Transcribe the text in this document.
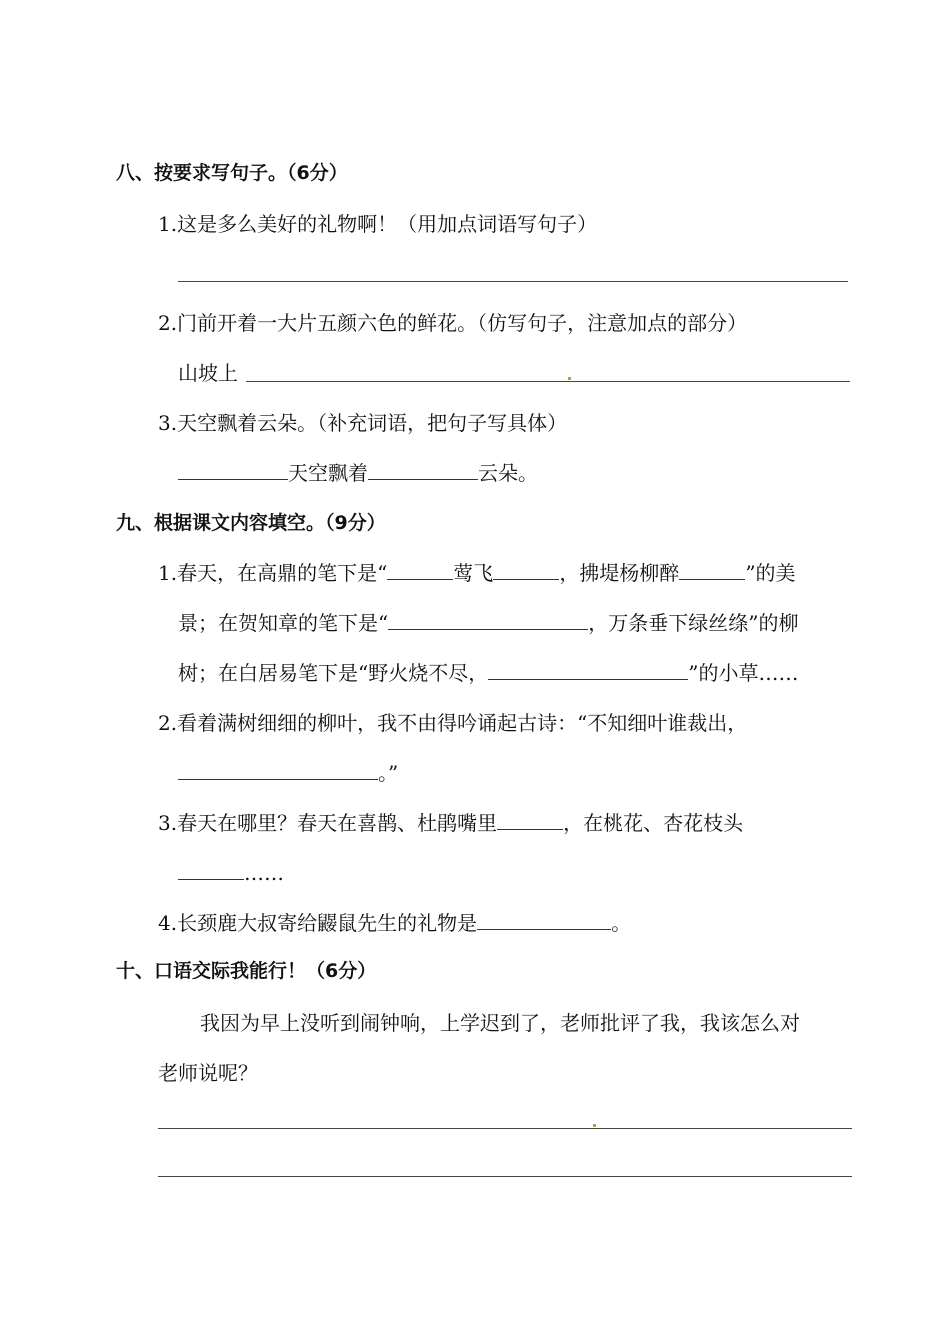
八、按要求写句子。（6分）
1.这是多么美好的礼物啊！（用加点词语写句子）
2.门前开着一大片五颜六色的鲜花。（仿写句子，注意加点的部分）
山坡上
3.天空飘着云朵。（补充词语，把句子写具体）
天空飘着	云朵。
九、根据课文内容填空。（9分）
1.春天，在高鼎的笔下是“	莺飞	，拂堤杨柳醉	”的美
景；在贺知章的笔下是“	，万条垂下绿丝绦”的柳
树；在白居易笔下是“野火烧不尽，	”的小草……
2.看着满树细细的柳叶，我不由得吟诵起古诗：“不知细叶谁裁出，
。”
3.春天在哪里？春天在喜鹊、杜鹃嘴里	，在桃花、杏花枝头
……
4.长颈鹿大叔寄给鼹鼠先生的礼物是	。
十、口语交际我能行！（6分）
我因为早上没听到闹钟响，上学迟到了，老师批评了我，我该怎么对
老师说呢？
